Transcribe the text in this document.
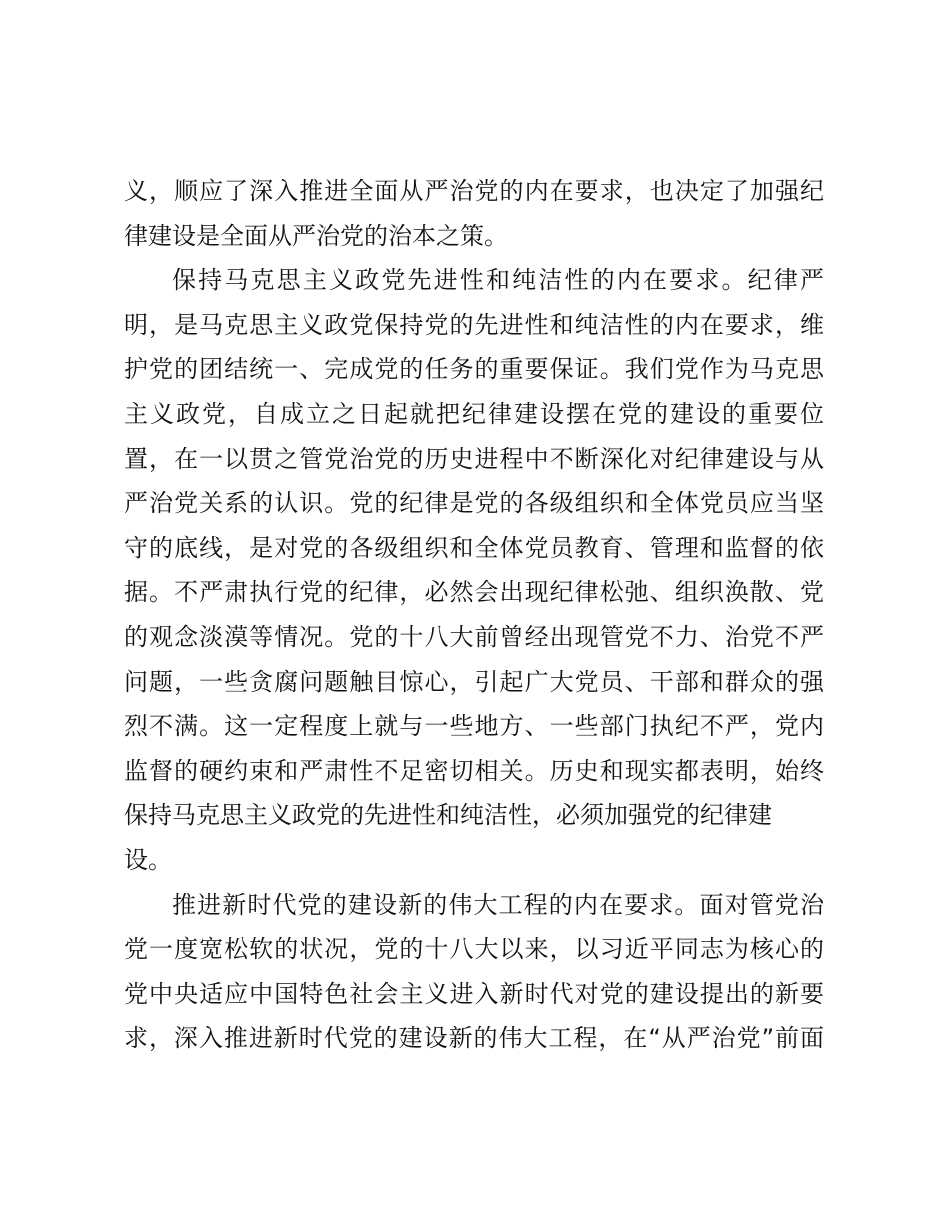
义，顺应了深入推进全面从严治党的内在要求，也决定了加强纪
律建设是全面从严治党的治本之策。

保持马克思主义政党先进性和纯洁性的内在要求。纪律严
明，是马克思主义政党保持党的先进性和纯洁性的内在要求，维
护党的团结统一、完成党的任务的重要保证。我们党作为马克思
主义政党，自成立之日起就把纪律建设摆在党的建设的重要位
置，在一以贯之管党治党的历史进程中不断深化对纪律建设与从
严治党关系的认识。党的纪律是党的各级组织和全体党员应当坚
守的底线，是对党的各级组织和全体党员教育、管理和监督的依
据。不严肃执行党的纪律，必然会出现纪律松弛、组织涣散、党
的观念淡漠等情况。党的十八大前曾经出现管党不力、治党不严
问题，一些贪腐问题触目惊心，引起广大党员、干部和群众的强
烈不满。这一定程度上就与一些地方、一些部门执纪不严，党内
监督的硬约束和严肃性不足密切相关。历史和现实都表明，始终
保持马克思主义政党的先进性和纯洁性，必须加强党的纪律建
设。

推进新时代党的建设新的伟大工程的内在要求。面对管党治
党一度宽松软的状况，党的十八大以来，以习近平同志为核心的
党中央适应中国特色社会主义进入新时代对党的建设提出的新要
求，深入推进新时代党的建设新的伟大工程，在“从严治党”前面
